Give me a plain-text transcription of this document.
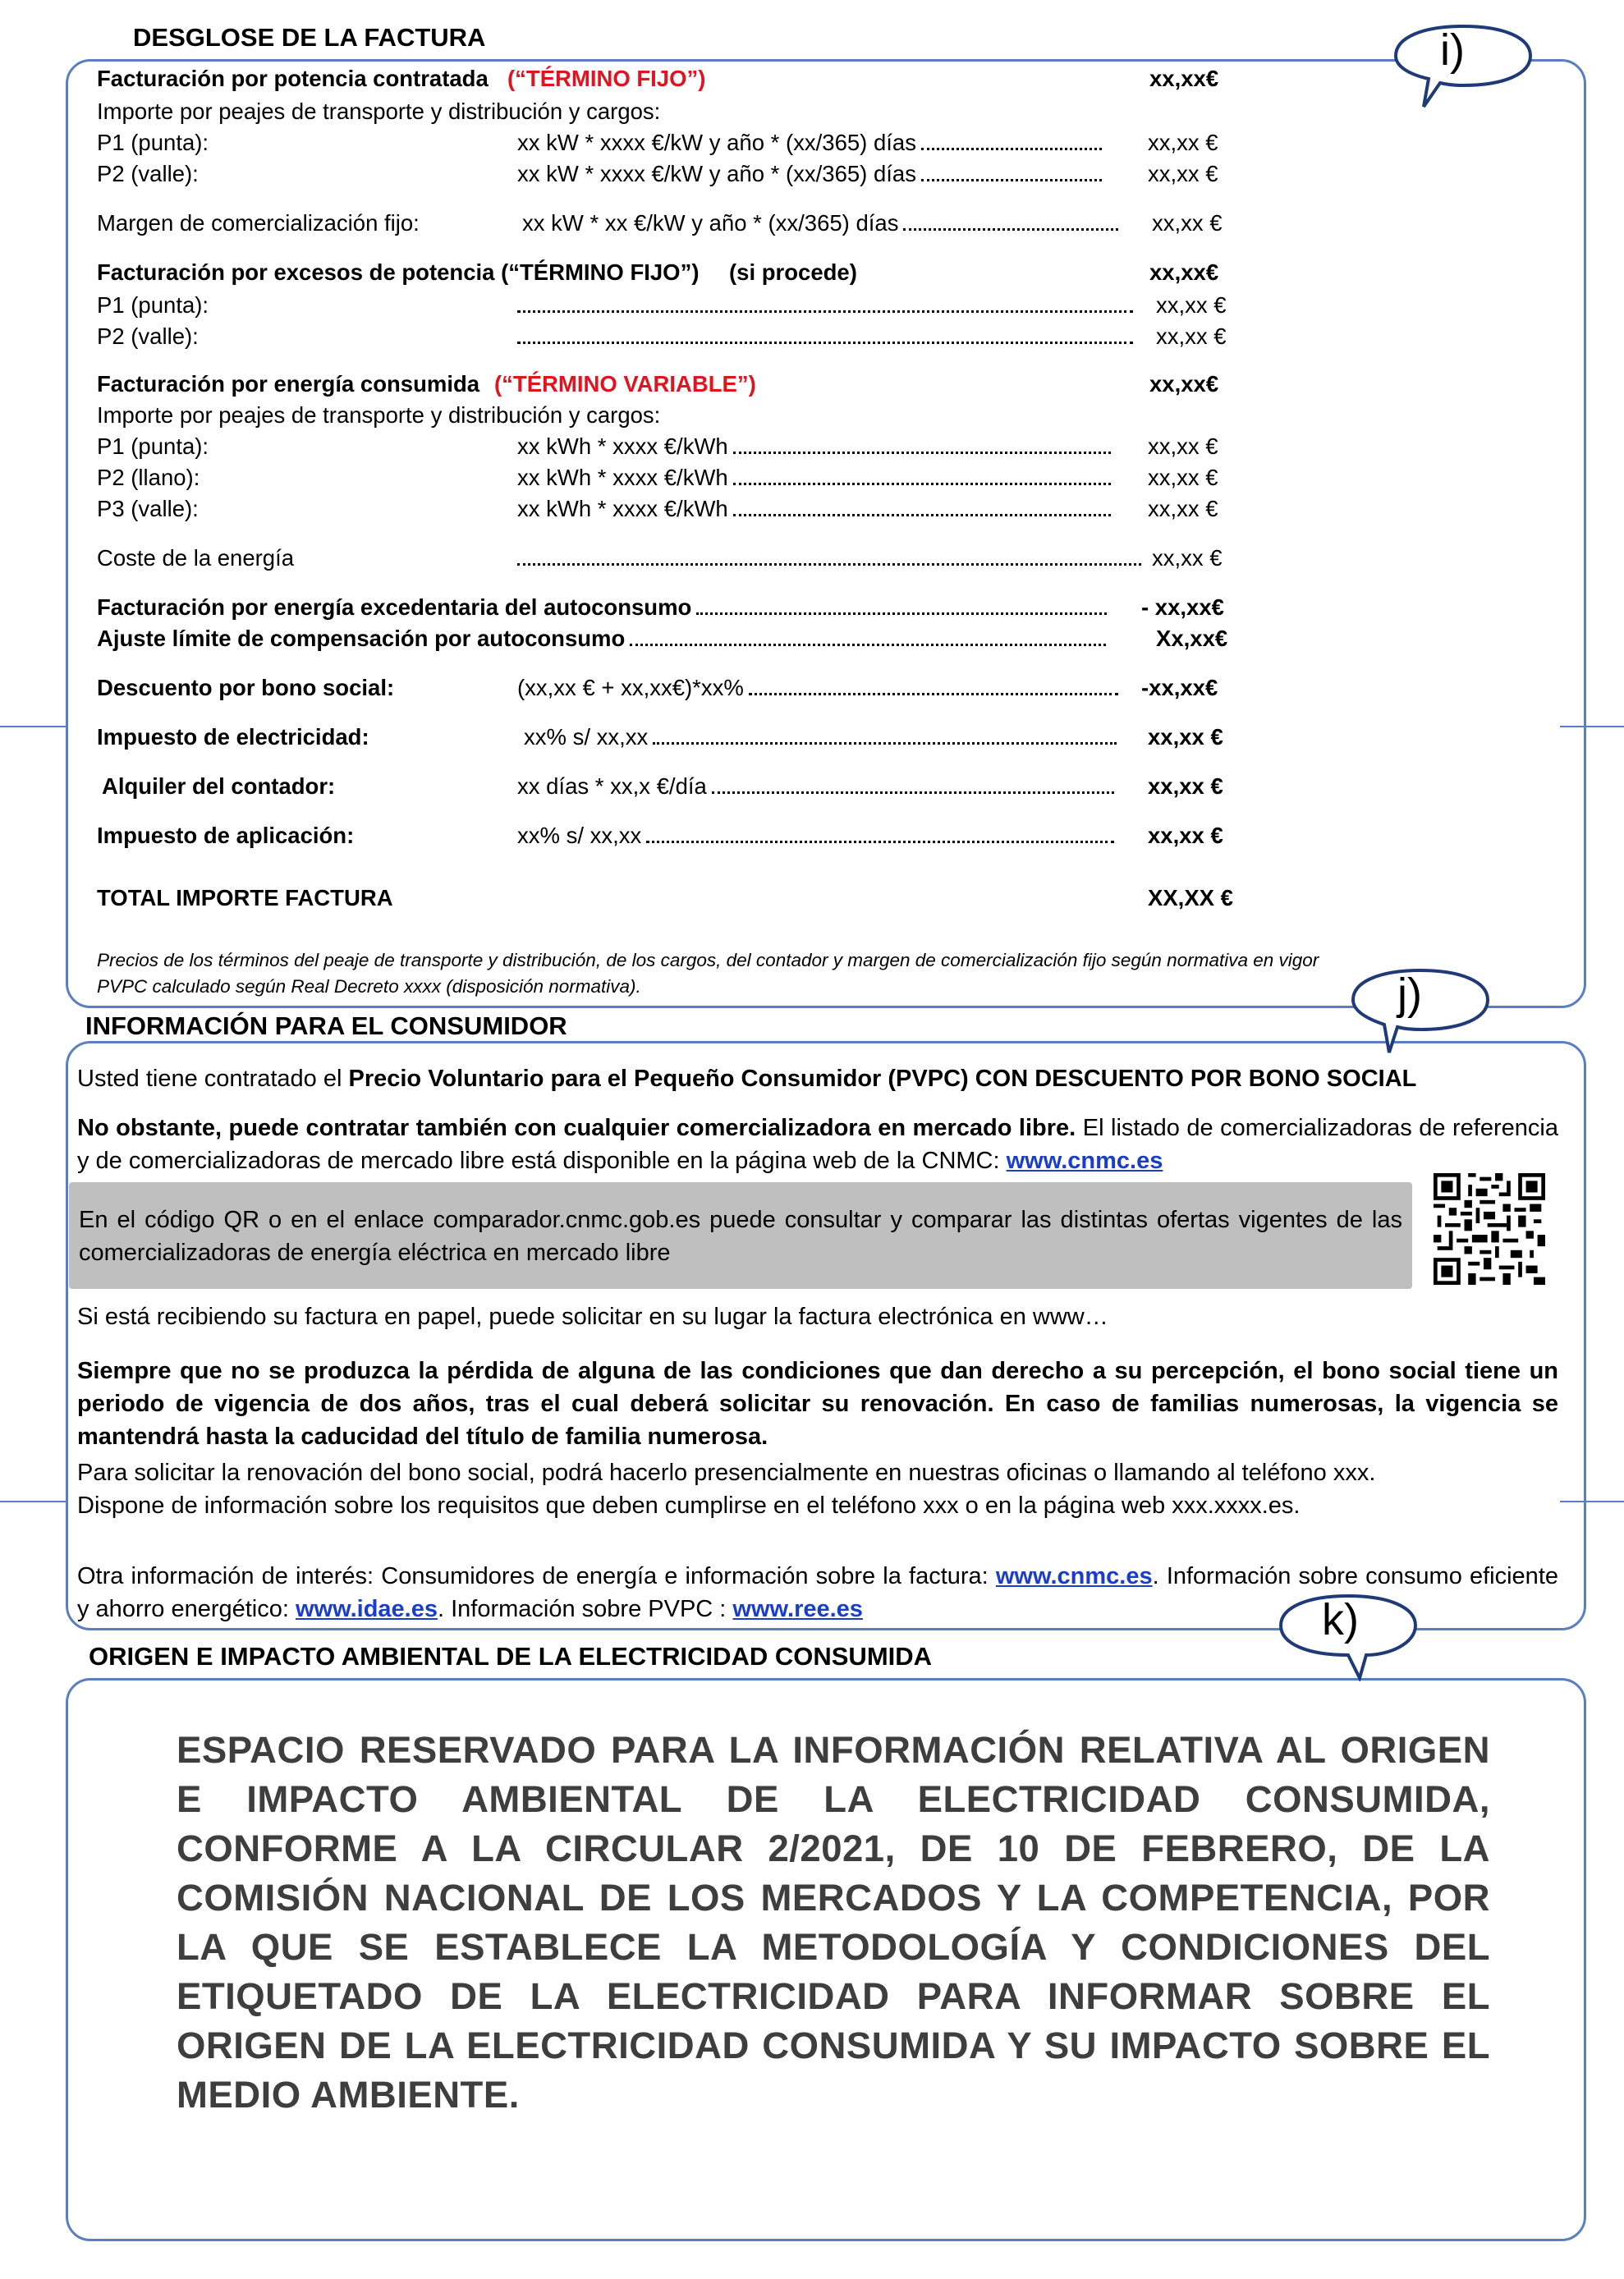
DESGLOSE DE LA FACTURA
Facturación por potencia contratada (“TÉRMINO FIJO”)	xx,xx€
Importe por peajes de transporte y distribución y cargos:
P1 (punta):	xx kW * xxxx €/kW y año * (xx/365) días	xx,xx €
P2 (valle):	xx kW * xxxx €/kW y año * (xx/365) días	xx,xx €
Margen de comercialización fijo:	xx kW * xx €/kW y año * (xx/365) días	xx,xx €
Facturación por excesos de potencia (“TÉRMINO FIJO”) (si procede)	xx,xx€
P1 (punta):	xx,xx €
P2 (valle):	xx,xx €
Facturación por energía consumida (“TÉRMINO VARIABLE”)	xx,xx€
Importe por peajes de transporte y distribución y cargos:
P1 (punta):	xx kWh * xxxx €/kWh	xx,xx €
P2 (llano):	xx kWh * xxxx €/kWh	xx,xx €
P3 (valle):	xx kWh * xxxx €/kWh	xx,xx €
Coste de la energía	xx,xx €
Facturación por energía excedentaria del autoconsumo	- xx,xx€
Ajuste límite de compensación por autoconsumo	Xx,xx€
Descuento por bono social:	(xx,xx € + xx,xx€)*xx%	-xx,xx€
Impuesto de electricidad:	xx% s/ xx,xx	xx,xx €
Alquiler del contador:	xx días * xx,x €/día	xx,xx €
Impuesto de aplicación:	xx% s/ xx,xx	xx,xx €
TOTAL IMPORTE FACTURA	XX,XX €
Precios de los términos del peaje de transporte y distribución, de los cargos, del contador y margen de comercialización fijo según normativa en vigor
PVPC calculado según Real Decreto xxxx (disposición normativa).
INFORMACIÓN PARA EL CONSUMIDOR
Usted tiene contratado el Precio Voluntario para el Pequeño Consumidor (PVPC) CON DESCUENTO POR BONO SOCIAL
No obstante, puede contratar también con cualquier comercializadora en mercado libre. El listado de comercializadoras de referencia y de comercializadoras de mercado libre está disponible en la página web de la CNMC: www.cnmc.es
En el código QR o en el enlace comparador.cnmc.gob.es puede consultar y comparar las distintas ofertas vigentes de las comercializadoras de energía eléctrica en mercado libre
Si está recibiendo su factura en papel, puede solicitar en su lugar la factura electrónica en www…
Siempre que no se produzca la pérdida de alguna de las condiciones que dan derecho a su percepción, el bono social tiene un periodo de vigencia de dos años, tras el cual deberá solicitar su renovación. En caso de familias numerosas, la vigencia se mantendrá hasta la caducidad del título de familia numerosa.
Para solicitar la renovación del bono social, podrá hacerlo presencialmente en nuestras oficinas o llamando al teléfono xxx.
Dispone de información sobre los requisitos que deben cumplirse en el teléfono xxx o en la página web xxx.xxxx.es.
Otra información de interés: Consumidores de energía e información sobre la factura: www.cnmc.es. Información sobre consumo eficiente y ahorro energético: www.idae.es. Información sobre PVPC : www.ree.es
ORIGEN E IMPACTO AMBIENTAL DE LA ELECTRICIDAD CONSUMIDA
ESPACIO RESERVADO PARA LA INFORMACIÓN RELATIVA AL ORIGEN E IMPACTO AMBIENTAL DE LA ELECTRICIDAD CONSUMIDA, CONFORME A LA CIRCULAR 2/2021, DE 10 DE FEBRERO, DE LA COMISIÓN NACIONAL DE LOS MERCADOS Y LA COMPETENCIA, POR LA QUE SE ESTABLECE LA METODOLOGÍA Y CONDICIONES DEL ETIQUETADO DE LA ELECTRICIDAD PARA INFORMAR SOBRE EL ORIGEN DE LA ELECTRICIDAD CONSUMIDA Y SU IMPACTO SOBRE EL MEDIO AMBIENTE.
i)
j)
k)
